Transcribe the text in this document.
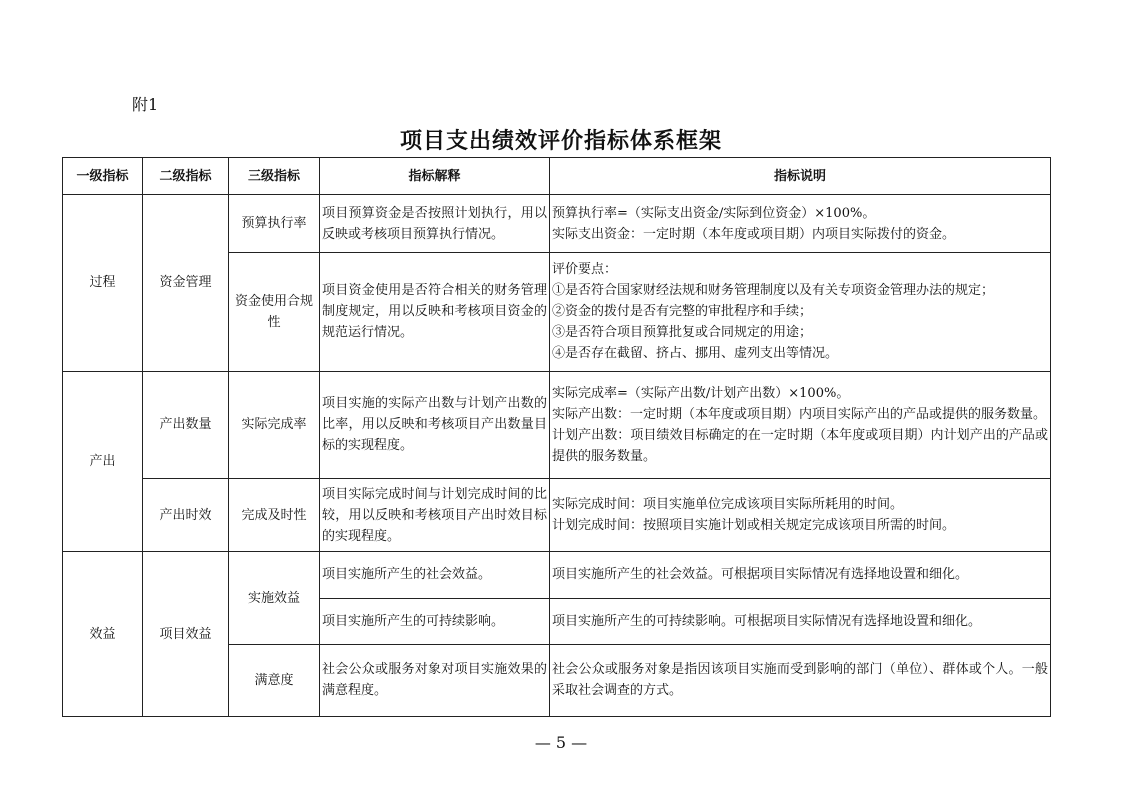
附1
项目支出绩效评价指标体系框架
一级指标	二级指标	三级指标	指标解释	指标说明
过程	资金管理	预算执行率	项目预算资金是否按照计划执行，用以反映或考核项目预算执行情况。	预算执行率=（实际支出资金/实际到位资金）×100%。
实际支出资金：一定时期（本年度或项目期）内项目实际拨付的资金。

		资金使用合规性	项目资金使用是否符合相关的财务管理制度规定，用以反映和考核项目资金的规范运行情况。	评价要点：
①是否符合国家财经法规和财务管理制度以及有关专项资金管理办法的规定；
②资金的拨付是否有完整的审批程序和手续；
③是否符合项目预算批复或合同规定的用途；
④是否存在截留、挤占、挪用、虚列支出等情况。

产出	产出数量	实际完成率	项目实施的实际产出数与计划产出数的比率，用以反映和考核项目产出数量目标的实现程度。	实际完成率=（实际产出数/计划产出数）×100%。
实际产出数：一定时期（本年度或项目期）内项目实际产出的产品或提供的服务数量。
计划产出数：项目绩效目标确定的在一定时期（本年度或项目期）内计划产出的产品或提供的服务数量。

	产出时效	完成及时性	项目实际完成时间与计划完成时间的比较，用以反映和考核项目产出时效目标的实现程度。	实际完成时间：项目实施单位完成该项目实际所耗用的时间。
计划完成时间：按照项目实施计划或相关规定完成该项目所需的时间。

效益	项目效益	实施效益	项目实施所产生的社会效益。	项目实施所产生的社会效益。可根据项目实际情况有选择地设置和细化。
			项目实施所产生的可持续影响。	项目实施所产生的可持续影响。可根据项目实际情况有选择地设置和细化。
		满意度	社会公众或服务对象对项目实施效果的满意程度。	社会公众或服务对象是指因该项目实施而受到影响的部门（单位）、群体或个人。一般采取社会调查的方式。
— 5 —
